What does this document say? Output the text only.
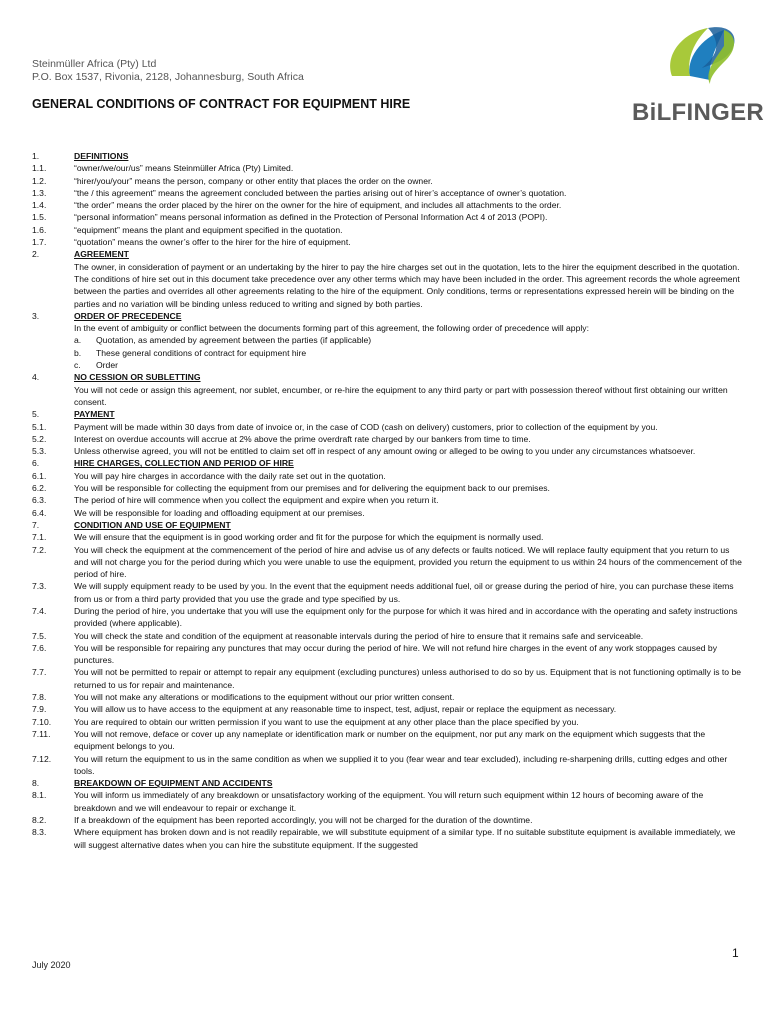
Steinmüller Africa (Pty) Ltd
P.O. Box 1537, Rivonia, 2128, Johannesburg, South Africa
GENERAL CONDITIONS OF CONTRACT FOR EQUIPMENT HIRE	BiLFINGER
1.	DEFINITIONS
1.1.	“owner/we/our/us” means Steinmüller Africa (Pty) Limited.
1.2.	“hirer/you/your” means the person, company or other entity that places the order on the owner.
1.3.	“the / this agreement” means the agreement concluded between the parties arising out of hirer’s acceptance of owner’s quotation.
1.4.	“the order” means the order placed by the hirer on the owner for the hire of equipment, and includes all attachments to the order.
1.5.	“personal information” means personal information as defined in the Protection of Personal Information Act 4 of 2013 (POPI).
1.6.	“equipment” means the plant and equipment specified in the quotation.
1.7.	“quotation” means the owner’s offer to the hirer for the hire of equipment.
2.	AGREEMENT
The owner, in consideration of payment or an undertaking by the hirer to pay the hire charges set out in the quotation, lets to the hirer the equipment described in the quotation. The conditions of hire set out in this document take precedence over any other terms which may have been included in the order. This agreement records the whole agreement between the parties and overrides all other agreements relating to the hire of the equipment. Only conditions, terms or representations expressed herein will be binding on the parties and no variation will be binding unless reduced to writing and signed by both parties.
3.	ORDER OF PRECEDENCE
In the event of ambiguity or conflict between the documents forming part of this agreement, the following order of precedence will apply:
a.	Quotation, as amended by agreement between the parties (if applicable)
b.	These general conditions of contract for equipment hire
c.	Order
4.	NO CESSION OR SUBLETTING
You will not cede or assign this agreement, nor sublet, encumber, or re-hire the equipment to any third party or part with possession thereof without first obtaining our written consent.
5.	PAYMENT
5.1.	Payment will be made within 30 days from date of invoice or, in the case of COD (cash on delivery) customers, prior to collection of the equipment by you.
5.2.	Interest on overdue accounts will accrue at 2% above the prime overdraft rate charged by our bankers from time to time.
5.3.	Unless otherwise agreed, you will not be entitled to claim set off in respect of any amount owing or alleged to be owing to you under any circumstances whatsoever.
6.	HIRE CHARGES, COLLECTION AND PERIOD OF HIRE
6.1.	You will pay hire charges in accordance with the daily rate set out in the quotation.
6.2.	You will be responsible for collecting the equipment from our premises and for delivering the equipment back to our premises.
6.3.	The period of hire will commence when you collect the equipment and expire when you return it.
6.4.	We will be responsible for loading and offloading equipment at our premises.
7.	CONDITION AND USE OF EQUIPMENT
7.1.	We will ensure that the equipment is in good working order and fit for the purpose for which the equipment is normally used.
7.2.	You will check the equipment at the commencement of the period of hire and advise us of any defects or faults noticed. We will replace faulty equipment that you return to us and will not charge you for the period during which you were unable to use the equipment, provided you return the equipment to us within 24 hours of the commencement of the period of hire.
7.3.	We will supply equipment ready to be used by you. In the event that the equipment needs additional fuel, oil or grease during the period of hire, you can purchase these items from us or from a third party provided that you use the grade and type specified by us.
7.4.	During the period of hire, you undertake that you will use the equipment only for the purpose for which it was hired and in accordance with the operating and safety instructions provided (where applicable).
7.5.	You will check the state and condition of the equipment at reasonable intervals during the period of hire to ensure that it remains safe and serviceable.
7.6.	You will be responsible for repairing any punctures that may occur during the period of hire. We will not refund hire charges in the event of any work stoppages caused by punctures.
7.7.	You will not be permitted to repair or attempt to repair any equipment (excluding punctures) unless authorised to do so by us. Equipment that is not functioning optimally is to be returned to us for repair and maintenance.
7.8.	You will not make any alterations or modifications to the equipment without our prior written consent.
7.9.	You will allow us to have access to the equipment at any reasonable time to inspect, test, adjust, repair or replace the equipment as necessary.
7.10.	You are required to obtain our written permission if you want to use the equipment at any other place than the place specified by you.
7.11.	You will not remove, deface or cover up any nameplate or identification mark or number on the equipment, nor put any mark on the equipment which suggests that the equipment belongs to you.
7.12.	You will return the equipment to us in the same condition as when we supplied it to you (fear wear and tear excluded), including re-sharpening drills, cutting edges and other tools.
8.	BREAKDOWN OF EQUIPMENT AND ACCIDENTS
8.1.	You will inform us immediately of any breakdown or unsatisfactory working of the equipment. You will return such equipment within 12 hours of becoming aware of the breakdown and we will endeavour to repair or exchange it.
8.2.	If a breakdown of the equipment has been reported accordingly, you will not be charged for the duration of the downtime.
8.3.	Where equipment has broken down and is not readily repairable, we will substitute equipment of a similar type. If no suitable substitute equipment is available immediately, we will suggest alternative dates when you can hire the substitute equipment. If the suggested
July 2020
1
